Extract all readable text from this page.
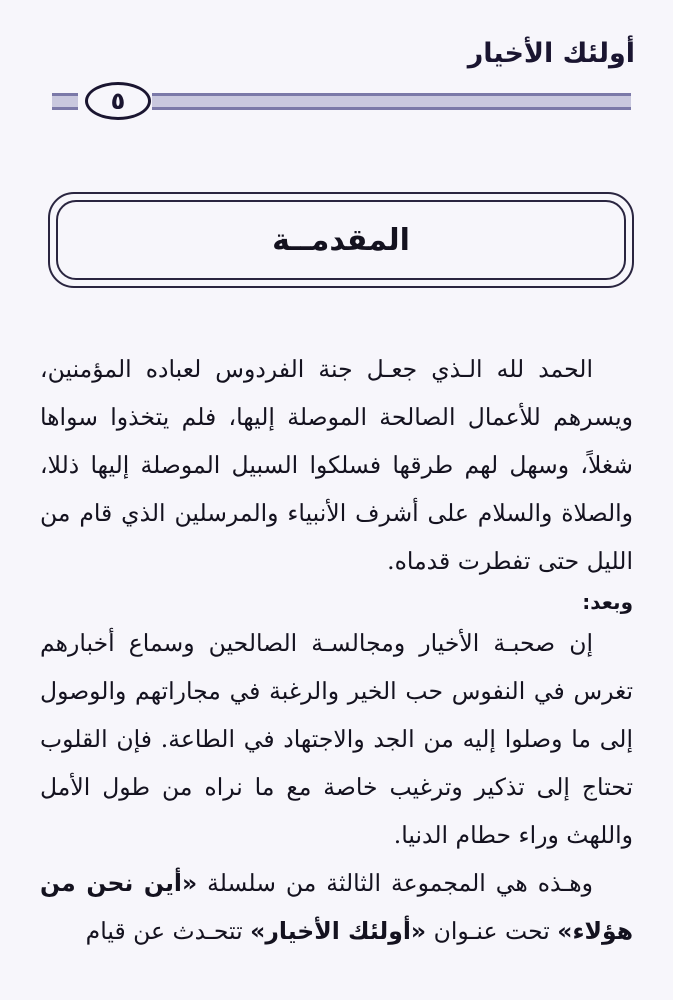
أولئك الأخيار
٥
المقدمــة

الحمد لله الـذي جعـل جنة الفردوس لعباده المؤمنين، ويسرهم للأعمال الصالحة الموصلة إليها، فلم يتخذوا سواها شغلاً، وسهل لهم طرقها فسلكوا السبيل الموصلة إليها ذللا، والصلاة والسلام على أشرف الأنبياء والمرسلين الذي قام من الليل حتى تفطرت قدماه.

وبعد:

إن صحبـة الأخيار ومجالسـة الصالحين وسماع أخبارهم تغرس في النفوس حب الخير والرغبة في مجاراتهم والوصول إلى ما وصلوا إليه من الجد والاجتهاد في الطاعة. فإن القلوب تحتاج إلى تذكير وترغيب خاصة مع ما نراه من طول الأمل واللهث وراء حطام الدنيا.

وهـذه هي المجموعة الثالثة من سلسلة «أين نحن من هؤلاء» تحت عنـوان «أولئك الأخيار» تتحـدث عن قيام
